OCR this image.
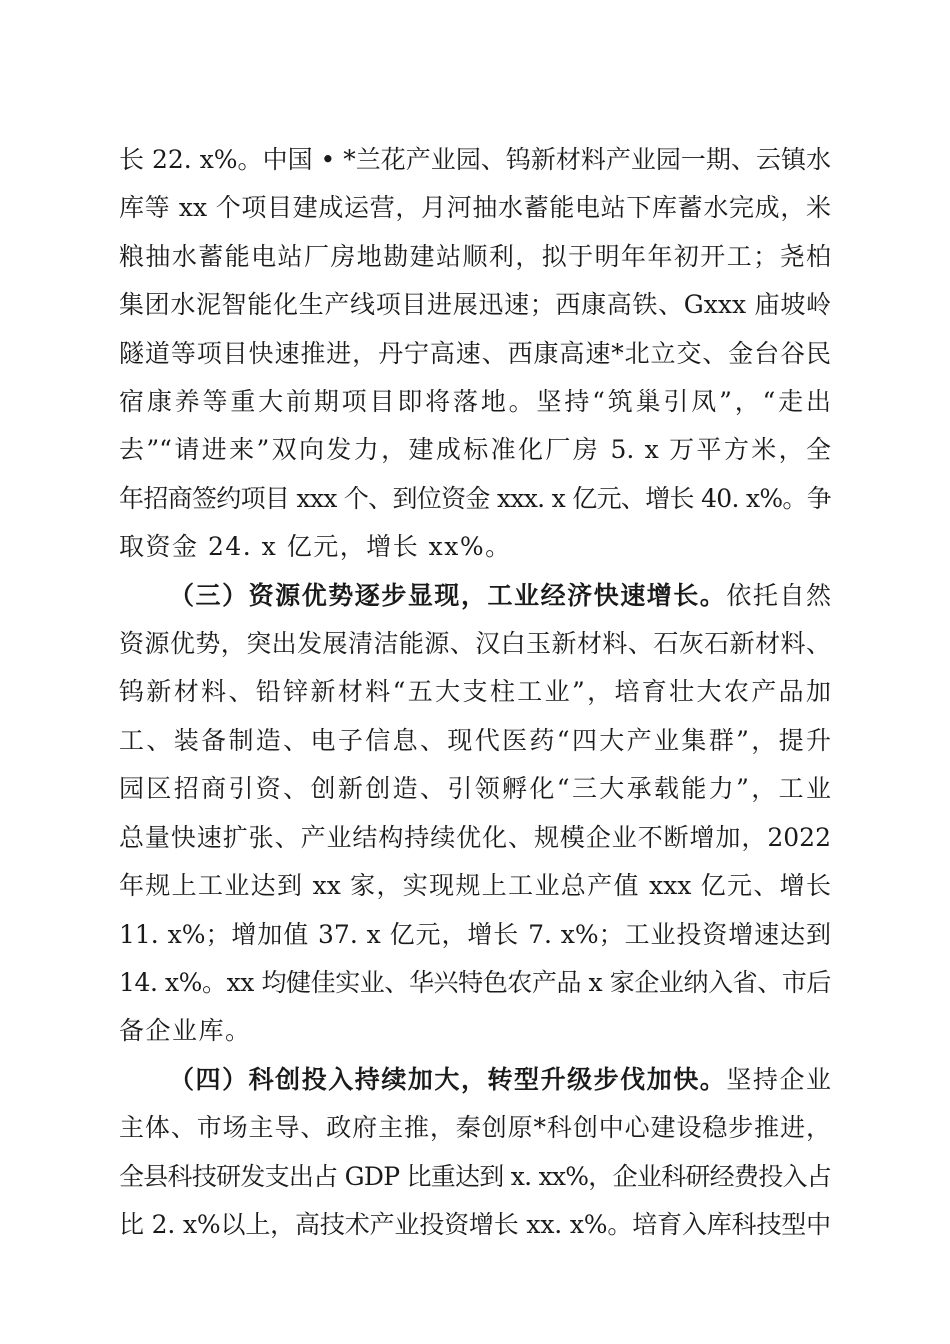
长 22. x%。中国 • *兰花产业园、钨新材料产业园一期、云镇水
库等 xx 个项目建成运营，月河抽水蓄能电站下库蓄水完成，米
粮抽水蓄能电站厂房地勘建站顺利，拟于明年年初开工；尧柏
集团水泥智能化生产线项目进展迅速；西康高铁、Gxxx 庙坡岭
隧道等项目快速推进，丹宁高速、西康高速*北立交、金台谷民
宿康养等重大前期项目即将落地。坚持“筑巢引凤”，“走出
去”“请进来”双向发力，建成标准化厂房 5. x 万平方米，全
年招商签约项目 xxx 个、到位资金 xxx. x 亿元、增长 40. x%。争
取资金 24. x 亿元，增长 xx%。
（三）资源优势逐步显现，工业经济快速增长。依托自然
资源优势，突出发展清洁能源、汉白玉新材料、石灰石新材料、
钨新材料、铅锌新材料“五大支柱工业”，培育壮大农产品加
工、装备制造、电子信息、现代医药“四大产业集群”，提升
园区招商引资、创新创造、引领孵化“三大承载能力”，工业
总量快速扩张、产业结构持续优化、规模企业不断增加，2022
年规上工业达到 xx 家，实现规上工业总产值 xxx 亿元、增长
11. x%；增加值 37. x 亿元，增长 7. x%；工业投资增速达到
14. x%。xx 均健佳实业、华兴特色农产品 x 家企业纳入省、市后
备企业库。
（四）科创投入持续加大，转型升级步伐加快。坚持企业
主体、市场主导、政府主推，秦创原*科创中心建设稳步推进，
全县科技研发支出占 GDP 比重达到 x. xx%，企业科研经费投入占
比 2. x%以上，高技术产业投资增长 xx. x%。培育入库科技型中
